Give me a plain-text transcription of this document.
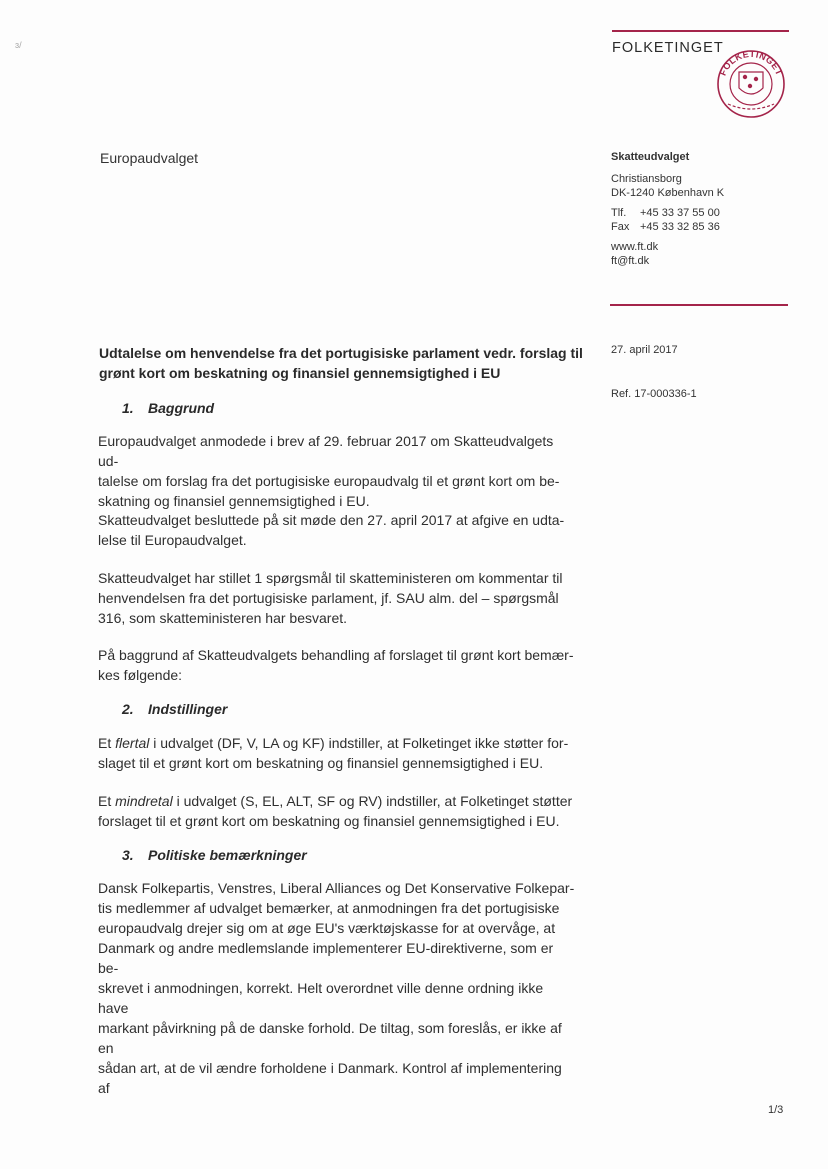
FOLKETINGET
FOLKETINGET
Europaudvalget	Skatteudvalget
Christiansborg
DK-1240 København K
Tlf.	+45 33 37 55 00
Fax	+45 33 32 85 36
www.ft.dk
ft@ft.dk
27. april 2017
Ref. 17-000336-1
Udtalelse om henvendelse fra det portugisiske parlament vedr. forslag til grønt kort om beskatning og finansiel gennemsigtighed i EU
1. Baggrund

Europaudvalget anmodede i brev af 29. februar 2017 om Skatteudvalgets ud-

talelse om forslag fra det portugisiske europaudvalg til et grønt kort om be-

skatning og finansiel gennemsigtighed i EU.

Skatteudvalget besluttede på sit møde den 27. april 2017 at afgive en udta-

lelse til Europaudvalget.

Skatteudvalget har stillet 1 spørgsmål til skatteministeren om kommentar til

henvendelsen fra det portugisiske parlament, jf. SAU alm. del – spørgsmål

316, som skatteministeren har besvaret.

På baggrund af Skatteudvalgets behandling af forslaget til grønt kort bemær-

kes følgende:

2. Indstillinger

Et flertal i udvalget (DF, V, LA og KF) indstiller, at Folketinget ikke støtter for-

slaget til et grønt kort om beskatning og finansiel gennemsigtighed i EU.

Et mindretal i udvalget (S, EL, ALT, SF og RV) indstiller, at Folketinget støtter

forslaget til et grønt kort om beskatning og finansiel gennemsigtighed i EU.

3. Politiske bemærkninger

Dansk Folkepartis, Venstres, Liberal Alliances og Det Konservative Folkepar-

tis medlemmer af udvalget bemærker, at anmodningen fra det portugisiske

europaudvalg drejer sig om at øge EU's værktøjskasse for at overvåge, at

Danmark og andre medlemslande implementerer EU-direktiverne, som er be-

skrevet i anmodningen, korrekt. Helt overordnet ville denne ordning ikke have

markant påvirkning på de danske forhold. De tiltag, som foreslås, er ikke af en

sådan art, at de vil ændre forholdene i Danmark. Kontrol af implementering af

1/3
ɜ/
